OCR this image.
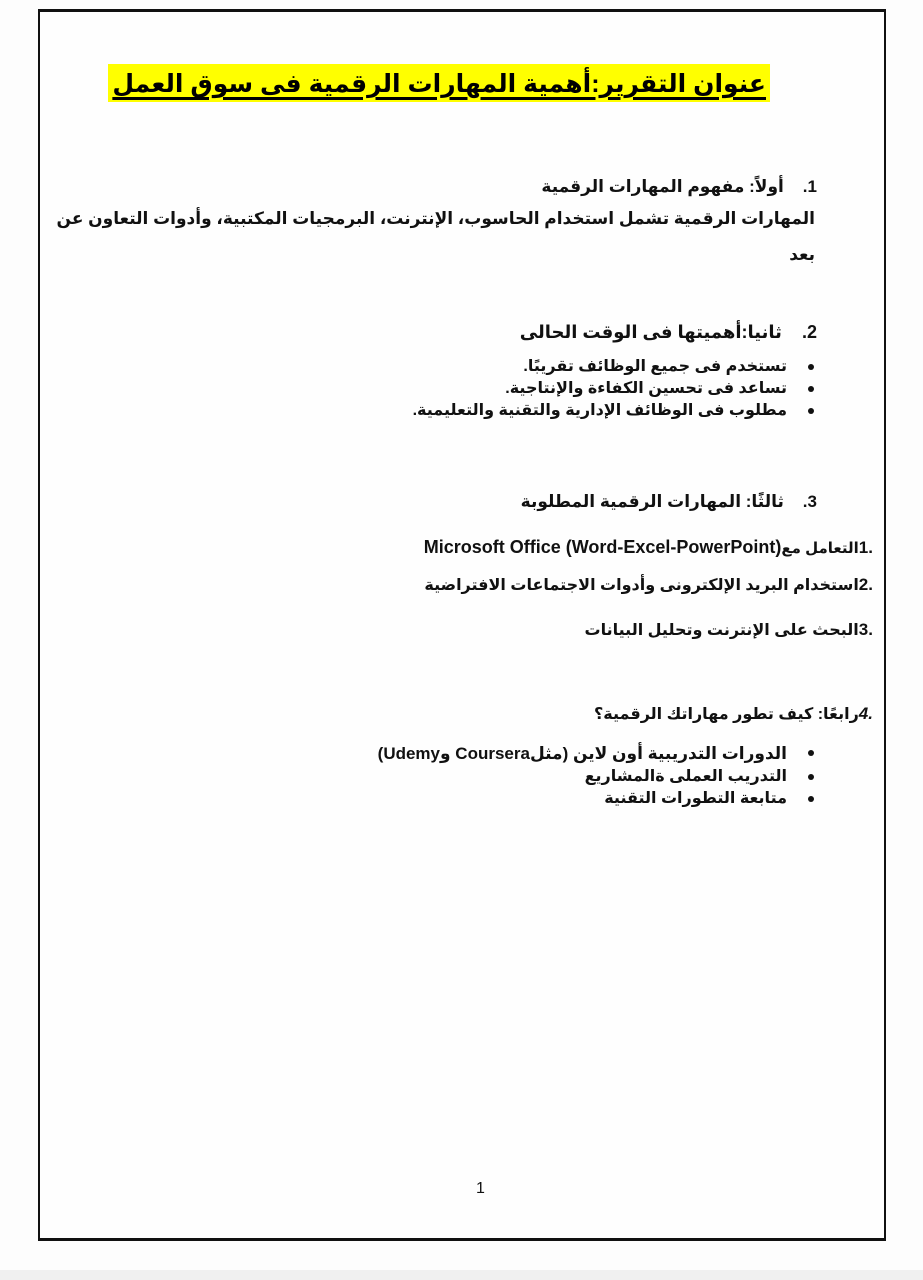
عنوان التقرير:أهمية المهارات الرقمية فى سوق العمل
1.    أولاً: مفهوم المهارات الرقمية
المهارات الرقمية تشمل استخدام الحاسوب، الإنترنت، البرمجيات المكتبية، وأدوات التعاون عن
بعد
2.    ثانيا:أهميتها فى الوقت الحالى
تستخدم فى جميع الوظائف تقريبًا.
تساعد فى تحسين الكفاءة والإنتاجية.
مطلوب فى الوظائف الإدارية والتقنية والتعليمية.
3.    ثالثًا: المهارات الرقمية المطلوبة
.1التعامل معMicrosoft Office (Word-Excel-PowerPoint)
.2استخدام البريد الإلكترونى وأدوات الاجتماعات الافتراضية
.3البحث على الإنترنت وتحليل البيانات
.4رابعًا: كيف تطور مهاراتك الرقمية؟
الدورات التدريبية أون لاين (مثلCoursera وUdemy)
التدريب العملى ةالمشاريع
متابعة التطورات التقنية
1
